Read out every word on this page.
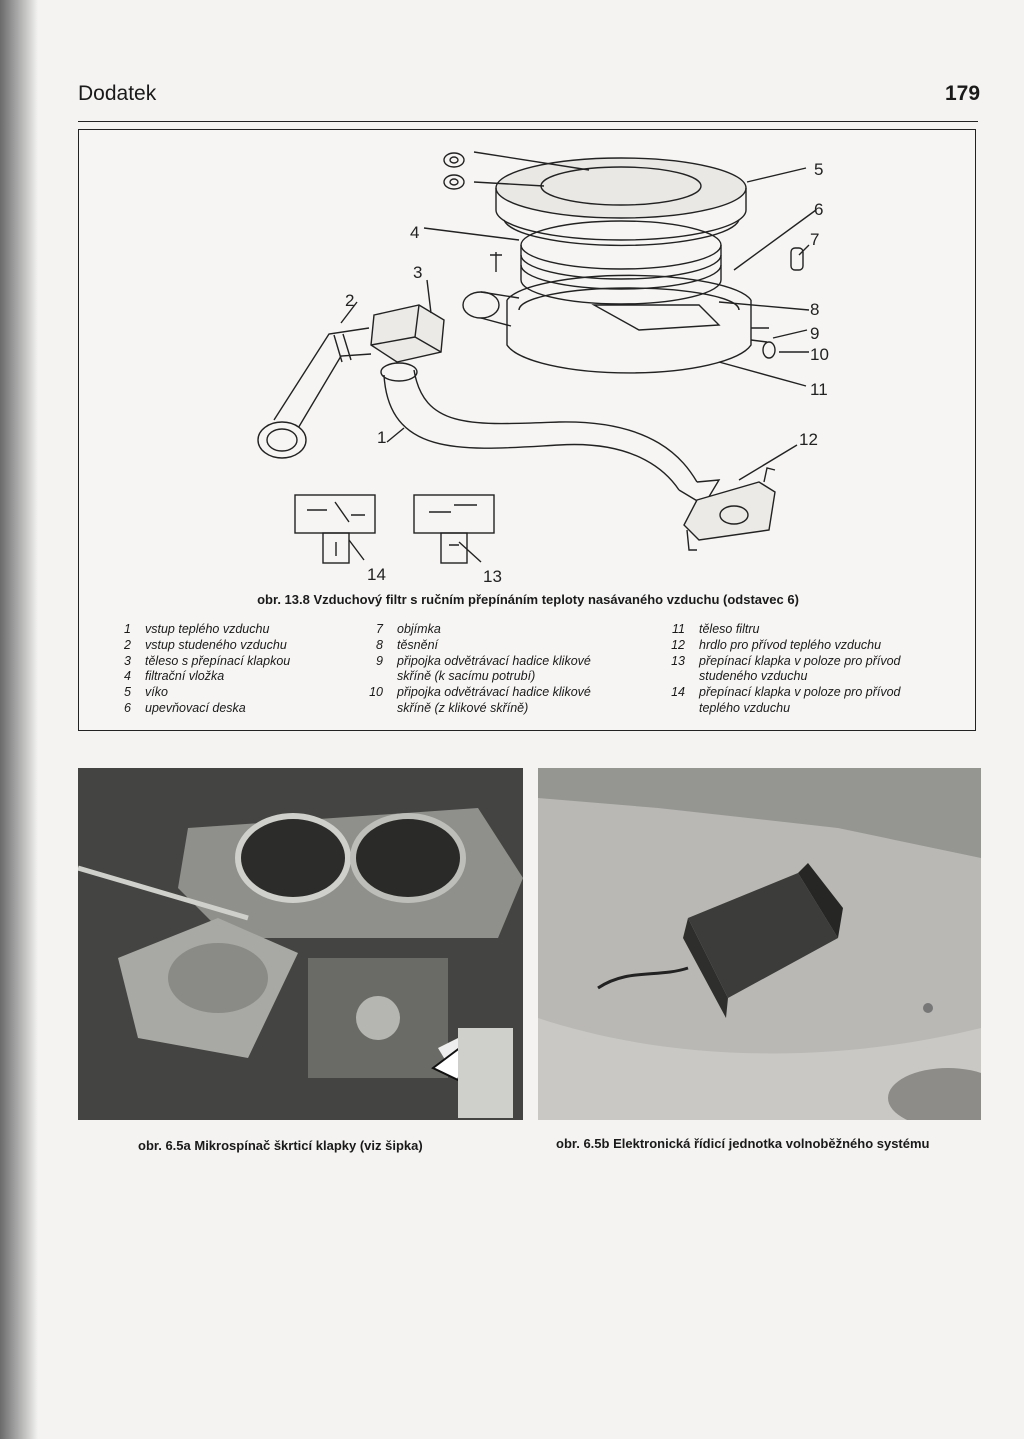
Dodatek	179
1
2
3
4
5
6
7
8
9
10
11
12
13
14
obr. 13.8 Vzduchový filtr s ručním přepínáním teploty nasávaného vzduchu (odstavec 6)
1 vstup teplého vzduchu
2 vstup studeného vzduchu
3 těleso s přepínací klapkou
4 filtrační vložka
5 víko
6 upevňovací deska
7 objímka
8 těsnění
9 připojka odvětrávací hadice klikové
skříně (k sacímu potrubí)
10 připojka odvětrávací hadice klikové
skříně (z klikové skříně)
11 těleso filtru
12 hrdlo pro přívod teplého vzduchu
13 přepínací klapka v poloze pro přívod
studeného vzduchu
14 přepínací klapka v poloze pro přívod
teplého vzduchu
obr. 6.5a Mikrospínač škrticí klapky (viz šipka)	obr. 6.5b Elektronická řídicí jednotka volnoběžného systému
